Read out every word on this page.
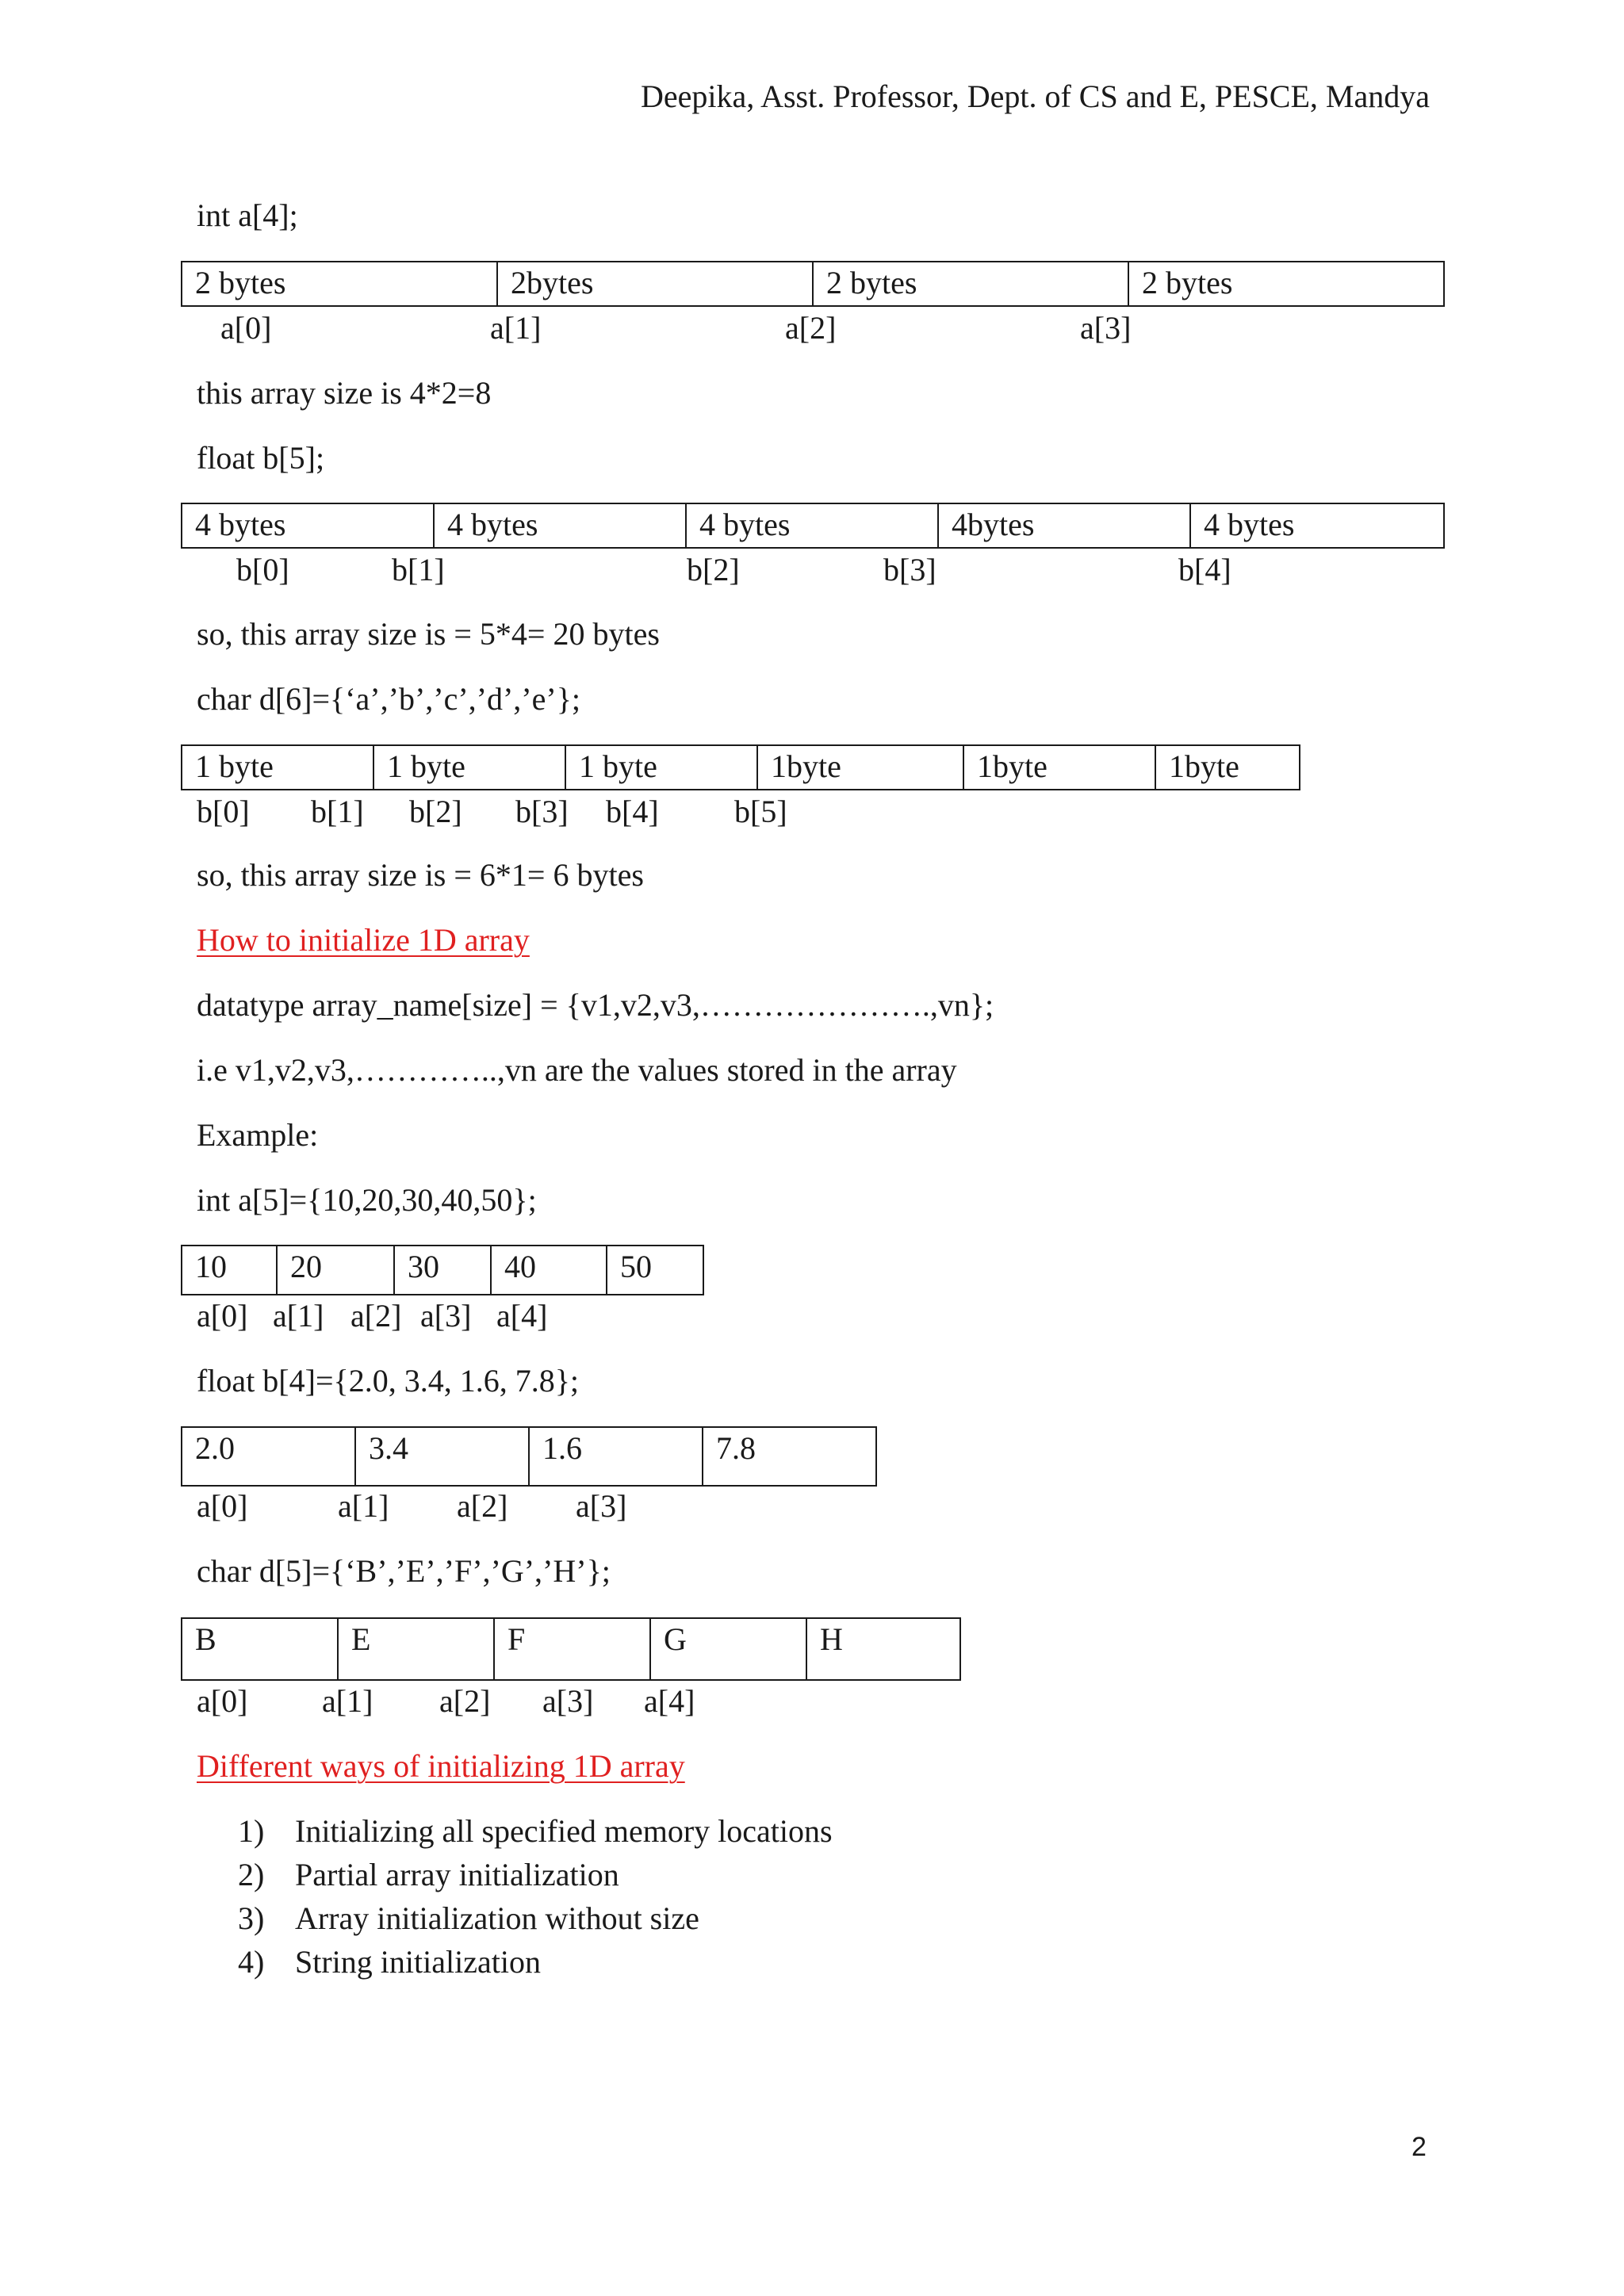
Deepika, Asst. Professor, Dept. of CS and E, PESCE, Mandya
int a[4];
2 bytes	2bytes	2 bytes	2 bytes
a[0]	a[1]	a[2]	a[3]
this array size is 4*2=8
float b[5];
4 bytes	4 bytes	4 bytes	4bytes	4 bytes
b[0]	b[1]	b[2]	b[3]	b[4]
so, this array size is = 5*4= 20 bytes
char d[6]={‘a’,’b’,’c’,’d’,’e’};
1 byte	1 byte	1 byte	1byte	1byte	1byte
b[0] b[1] b[2] b[3] b[4] b[5]
so, this array size is = 6*1= 6 bytes
How to initialize 1D array
datatype array_name[size] = {v1,v2,v3,………………….,vn};
i.e v1,v2,v3,…………..,vn are the values stored in the array
Example:
int a[5]={10,20,30,40,50};
10	20	30	40	50
a[0] a[1] a[2] a[3] a[4]
float b[4]={2.0, 3.4, 1.6, 7.8};
2.0	3.4	1.6	7.8
a[0]	a[1] a[2] a[3]
char d[5]={‘B’,’E’,’F’,’G’,’H’};
B	E	F	G	H
a[0] a[1] a[2] a[3] a[4]
Different ways of initializing 1D array
1) Initializing all specified memory locations
2) Partial array initialization
3) Array initialization without size
4) String initialization
2
